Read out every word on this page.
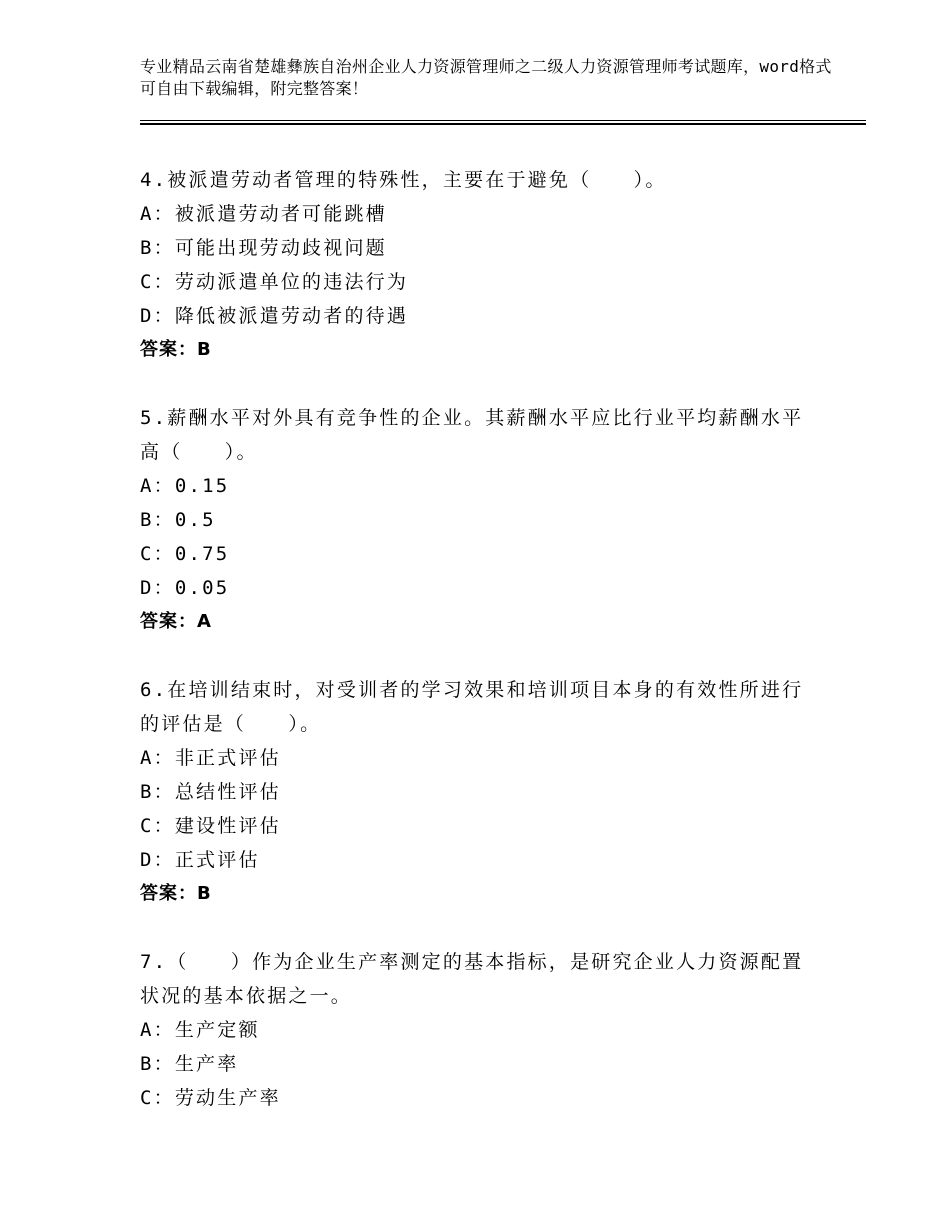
专业精品云南省楚雄彝族自治州企业人力资源管理师之二级人力资源管理师考试题库，word格式可自由下载编辑，附完整答案！
4.被派遣劳动者管理的特殊性，主要在于避免（　　）。
A：被派遣劳动者可能跳槽
B：可能出现劳动歧视问题
C：劳动派遣单位的违法行为
D：降低被派遣劳动者的待遇
答案：B
5.薪酬水平对外具有竞争性的企业。其薪酬水平应比行业平均薪酬水平高（　　）。
A：0.15
B：0.5
C：0.75
D：0.05
答案：A
6.在培训结束时，对受训者的学习效果和培训项目本身的有效性所进行的评估是（　　）。
A：非正式评估
B：总结性评估
C：建设性评估
D：正式评估
答案：B
7.（　　）作为企业生产率测定的基本指标，是研究企业人力资源配置状况的基本依据之一。
A：生产定额
B：生产率
C：劳动生产率
